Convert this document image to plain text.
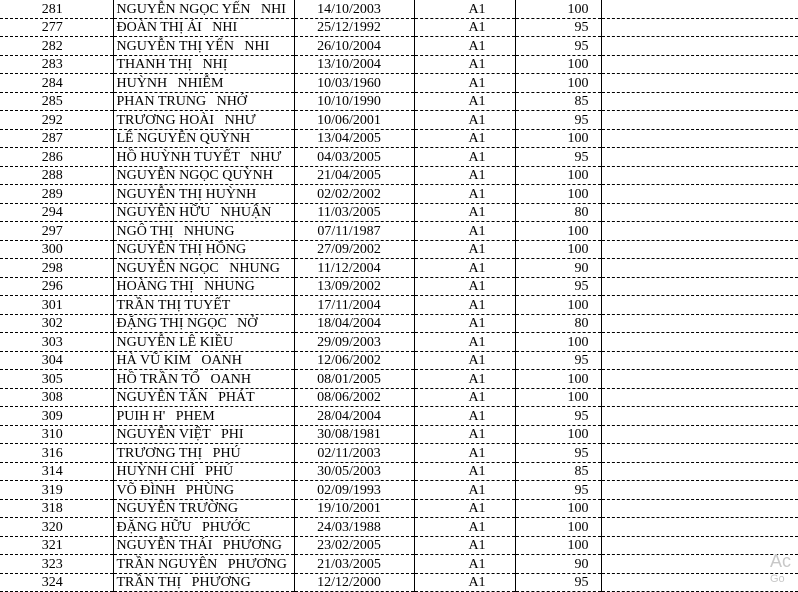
281	NGUYỄN NGỌC YẾN   NHI	14/10/2003	A1	100	
277	ĐOÀN THỊ ÁI   NHI	25/12/1992	A1	95	
282	NGUYỄN THỊ YẾN   NHI	26/10/2004	A1	95	
283	THANH THỊ   NHỊ	13/10/2004	A1	100	
284	HUỲNH   NHIỄM	10/03/1960	A1	100	
285	PHAN TRUNG   NHỚ	10/10/1990	A1	85	
292	TRƯƠNG HOÀI   NHƯ	10/06/2001	A1	95	
287	LÊ NGUYỄN QUỲNH	13/04/2005	A1	100	
286	HỒ HUỲNH TUYẾT   NHƯ	04/03/2005	A1	95	
288	NGUYỄN NGỌC QUỲNH	21/04/2005	A1	100	
289	NGUYỄN THỊ HUỲNH	02/02/2002	A1	100	
294	NGUYỄN HỮU   NHUẬN	11/03/2005	A1	80	
297	NGÔ THỊ   NHUNG	07/11/1987	A1	100	
300	NGUYỄN THỊ HỒNG	27/09/2002	A1	100	
298	NGUYỄN NGỌC   NHUNG	11/12/2004	A1	90	
296	HOÀNG THỊ   NHUNG	13/09/2002	A1	95	
301	TRẦN THỊ TUYẾT	17/11/2004	A1	100	
302	ĐẶNG THỊ NGỌC   NỞ	18/04/2004	A1	80	
303	NGUYỄN LÊ KIỀU	29/09/2003	A1	100	
304	HÀ VŨ KIM   OANH	12/06/2002	A1	95	
305	HỒ TRẦN TỐ   OANH	08/01/2005	A1	100	
308	NGUYỄN TẤN   PHÁT	08/06/2002	A1	100	
309	PUIH H'   PHEM	28/04/2004	A1	95	
310	NGUYỄN VIỆT   PHI	30/08/1981	A1	100	
316	TRƯƠNG THỊ   PHÚ	02/11/2003	A1	95	
314	HUỲNH CHÍ   PHÚ	30/05/2003	A1	85	
319	VÕ ĐÌNH   PHÙNG	02/09/1993	A1	95	
318	NGUYỄN TRƯỜNG	19/10/2001	A1	100	
320	ĐẶNG HỮU   PHƯỚC	24/03/1988	A1	100	
321	NGUYỄN THÁI   PHƯƠNG	23/02/2005	A1	100	
323	TRẦN NGUYÊN   PHƯƠNG	21/03/2005	A1	90	
324	TRẦN THỊ   PHƯƠNG	12/12/2000	A1	95	
Ac
Go
